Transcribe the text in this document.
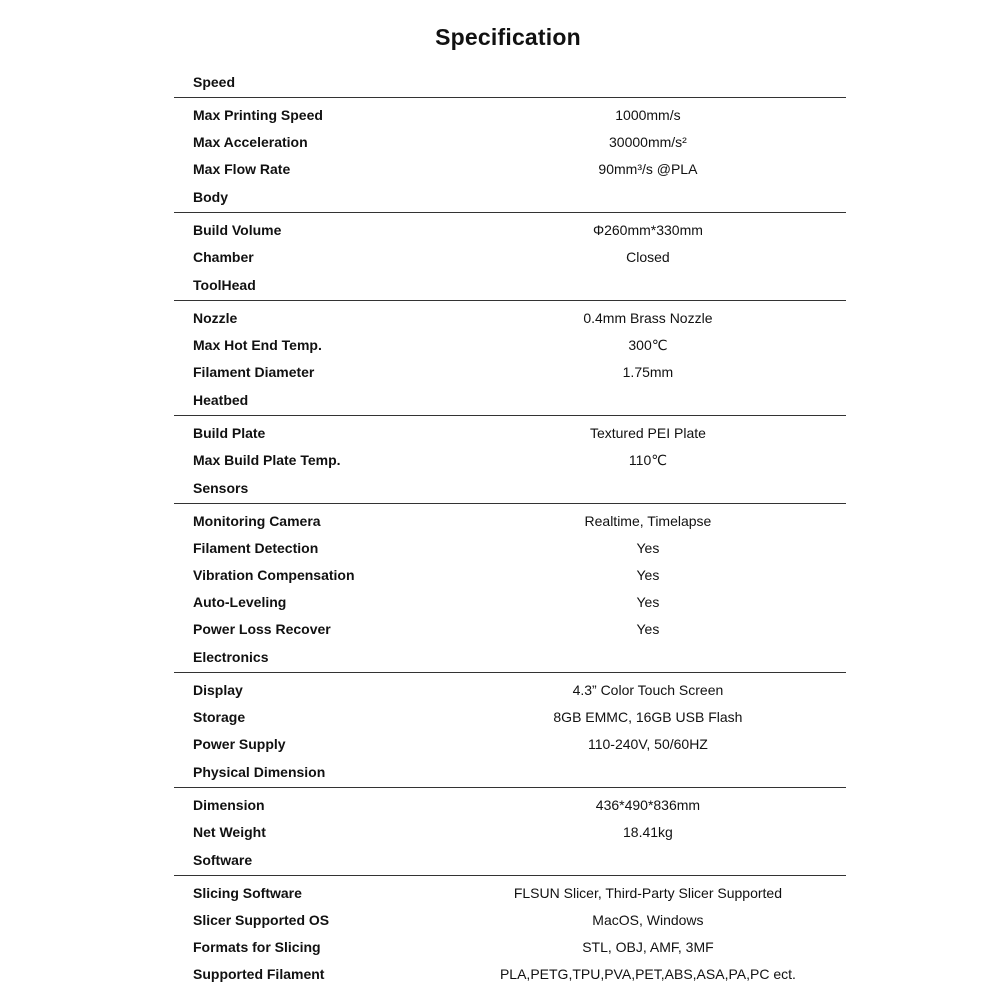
Specification
Speed
Max Printing Speed	1000mm/s
Max Acceleration	30000mm/s²
Max Flow Rate	90mm³/s @PLA
Body
Build Volume	Φ260mm*330mm
Chamber	Closed
ToolHead
Nozzle	0.4mm Brass Nozzle
Max Hot End Temp.	300℃
Filament Diameter	1.75mm
Heatbed
Build Plate	Textured PEI Plate
Max Build Plate Temp.	110℃
Sensors
Monitoring Camera	Realtime, Timelapse
Filament Detection	Yes
Vibration Compensation	Yes
Auto-Leveling	Yes
Power Loss Recover	Yes
Electronics
Display	4.3” Color Touch Screen
Storage	8GB EMMC, 16GB USB Flash
Power Supply	110-240V, 50/60HZ
Physical Dimension
Dimension	436*490*836mm
Net Weight	18.41kg
Software
Slicing Software	FLSUN Slicer, Third-Party Slicer Supported
Slicer Supported OS	MacOS, Windows
Formats for Slicing	STL, OBJ, AMF, 3MF
Supported Filament	PLA,PETG,TPU,PVA,PET,ABS,ASA,PA,PC ect.
